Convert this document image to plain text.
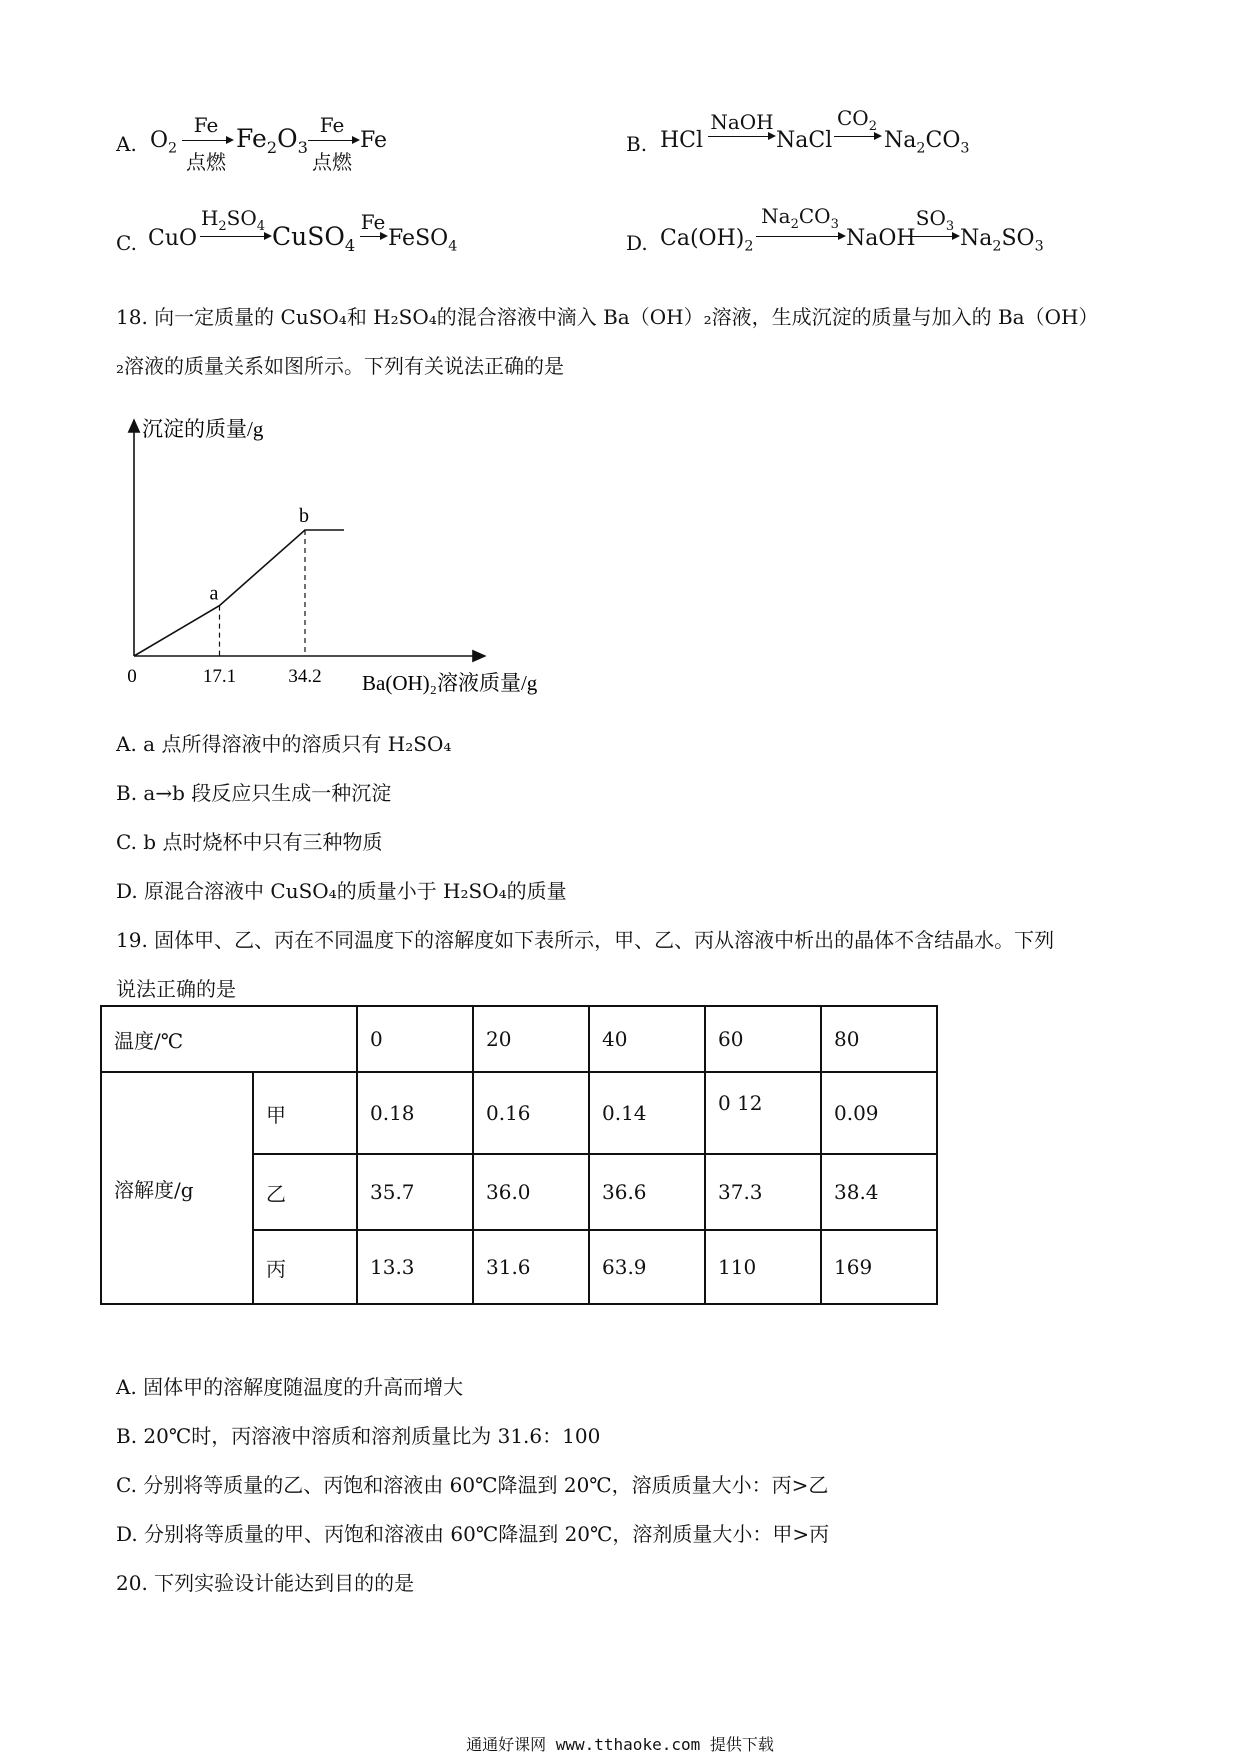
A. $O_2$
Fe
点燃
$Fe_2O_3$
Fe
点燃
Fe	B. HCl
NaOH
NaCl
$CO_2$
$Na_2CO_3$
C. CuO
$H_2SO_4$ CuSO$_4$
Fe
FeSO$_4$	D. $Ca(OH)_2$
$Na_2CO_3$
NaOH
$SO_3$ $Na_2SO_3$
18. 向一定质量的 CuSO₄和 H₂SO₄的混合溶液中滴入 Ba（OH）₂溶液，生成沉淀的质量与加入的 Ba（OH）
₂溶液的质量关系如图所示。下列有关说法正确的是
a
b
0	17.1	34.2
沉淀的质量/g
Ba(OH)₂溶液质量/g
A. a 点所得溶液中的溶质只有 H₂SO₄
B. a→b 段反应只生成一种沉淀
C. b 点时烧杯中只有三种物质
D. 原混合溶液中 CuSO₄的质量小于 H₂SO₄的质量
19. 固体甲、乙、丙在不同温度下的溶解度如下表所示，甲、乙、丙从溶液中析出的晶体不含结晶水。下列
说法正确的是
温度/℃		0	20	40	60	80
溶解度/g	甲	0.18	0.16	0.14	0 12	0.09
	乙	35.7	36.0	36.6	37.3	38.4
	丙	13.3	31.6	63.9	110	169
A. 固体甲的溶解度随温度的升高而增大
B. 20℃时，丙溶液中溶质和溶剂质量比为 31.6：100
C. 分别将等质量的乙、丙饱和溶液由 60℃降温到 20℃，溶质质量大小：丙>乙
D. 分别将等质量的甲、丙饱和溶液由 60℃降温到 20℃，溶剂质量大小：甲>丙
20. 下列实验设计能达到目的的是
通通好课网 www.tthaoke.com 提供下载
